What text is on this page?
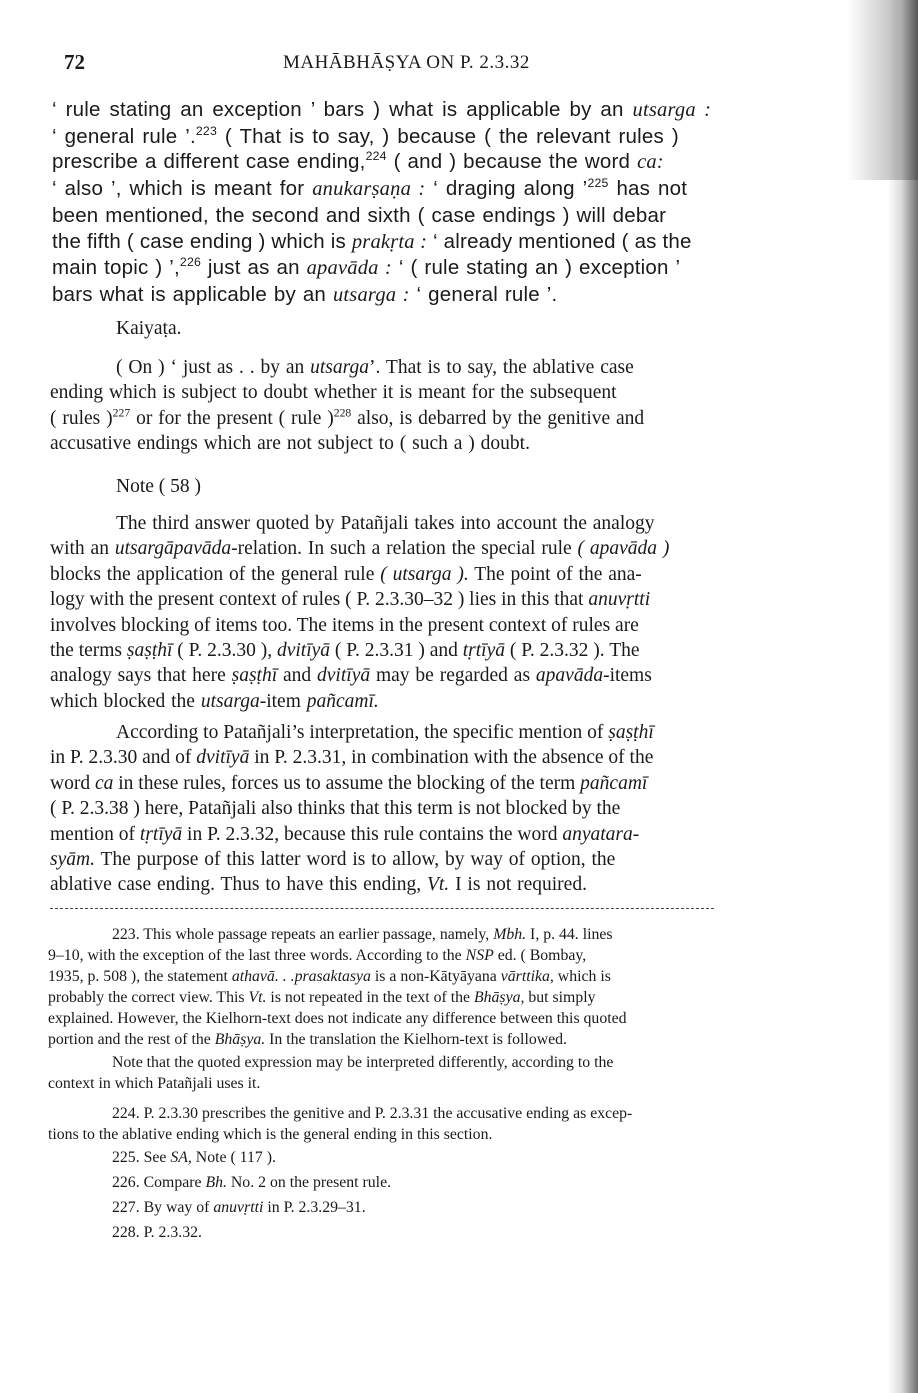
72	MAHĀBHĀṢYA ON P. 2.3.32
‘ rule stating an exception ’ bars ) what is applicable by an utsarga :
‘ general rule ’.$^{223}$ ( That is to say, ) because ( the relevant rules )
prescribe a different case ending,$^{224}$ ( and ) because the word ca:
‘ also ’, which is meant for anukarṣaṇa : ‘ draging along ’$^{225}$ has not
been mentioned, the second and sixth ( case endings ) will debar
the fifth ( case ending ) which is prakṛta : ‘ already mentioned ( as the
main topic ) ’,$^{226}$ just as an apavāda : ‘ ( rule stating an ) exception ’
bars what is applicable by an utsarga : ‘ general rule ’.
Kaiyaṭa.
( On ) ‘ just as . . by an utsarga’. That is to say, the ablative case
ending which is subject to doubt whether it is meant for the subsequent
( rules )$^{227}$ or for the present ( rule )$^{228}$ also, is debarred by the genitive and
accusative endings which are not subject to ( such a ) doubt.
Note ( 58 )
The third answer quoted by Patañjali takes into account the analogy
with an utsargāpavāda-relation. In such a relation the special rule ( apavāda )
blocks the application of the general rule ( utsarga ). The point of the ana-
logy with the present context of rules ( P. 2.3.30–32 ) lies in this that anuvṛtti
involves blocking of items too. The items in the present context of rules are
the terms ṣaṣṭhī ( P. 2.3.30 ), dvitīyā ( P. 2.3.31 ) and tṛtīyā ( P. 2.3.32 ). The
analogy says that here ṣaṣṭhī and dvitīyā may be regarded as apavāda-items
which blocked the utsarga-item pañcamī.
According to Patañjali’s interpretation, the specific mention of ṣaṣṭhī
in P. 2.3.30 and of dvitīyā in P. 2.3.31, in combination with the absence of the
word ca in these rules, forces us to assume the blocking of the term pañcamī
( P. 2.3.38 ) here, Patañjali also thinks that this term is not blocked by the
mention of tṛtīyā in P. 2.3.32, because this rule contains the word anyatara-
syām. The purpose of this latter word is to allow, by way of option, the
ablative case ending. Thus to have this ending, Vt. I is not required.
223. This whole passage repeats an earlier passage, namely, Mbh. I, p. 44. lines
9–10, with the exception of the last three words. According to the NSP ed. ( Bombay,
1935, p. 508 ), the statement athavā. . .prasaktasya is a non-Kātyāyana vārttika, which is
probably the correct view. This Vt. is not repeated in the text of the Bhāṣya, but simply
explained. However, the Kielhorn-text does not indicate any difference between this quoted
portion and the rest of the Bhāṣya. In the translation the Kielhorn-text is followed.
Note that the quoted expression may be interpreted differently, according to the
context in which Patañjali uses it.
224. P. 2.3.30 prescribes the genitive and P. 2.3.31 the accusative ending as excep-
tions to the ablative ending which is the general ending in this section.
225. See SA, Note ( 117 ).
226. Compare Bh. No. 2 on the present rule.
227. By way of anuvṛtti in P. 2.3.29–31.
228. P. 2.3.32.
